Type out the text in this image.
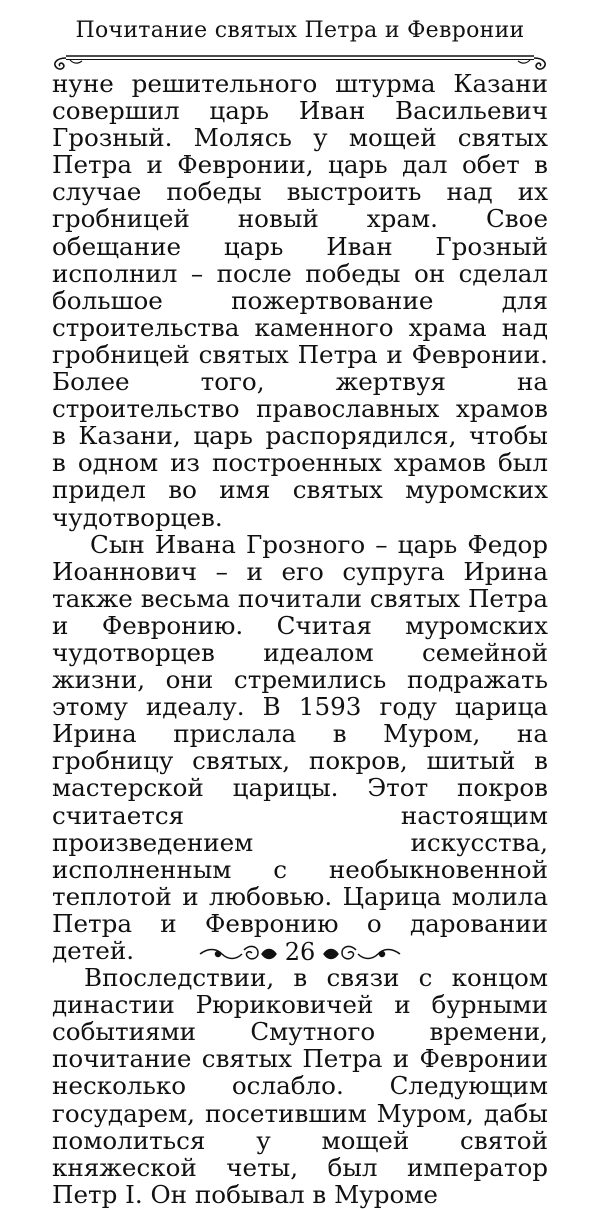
Почитание святых Петра и Февронии

нуне решительного штурма Казани совершил царь Иван Васильевич Грозный. Молясь у мощей святых Петра и Февронии, царь дал обет в случае победы выстроить над их гробницей новый храм. Свое обещание царь Иван Грозный исполнил – после победы он сделал большое пожертвование для строительства каменного храма над гробницей святых Петра и Февронии. Более того, жертвуя на строительство православных храмов в Казани, царь распорядился, чтобы в одном из построенных храмов был придел во имя святых муромских чудотворцев.

Сын Ивана Грозного – царь Федор Иоаннович – и его супруга Ирина также весьма почитали святых Петра и Февронию. Считая муромских чудотворцев идеалом семейной жизни, они стремились подражать этому идеалу. В 1593 году царица Ирина прислала в Муром, на гробницу святых, покров, шитый в мастерской царицы. Этот покров считается настоящим произведением искусства, исполненным с необыкновенной теплотой и любовью. Царица молила Петра и Февронию о даровании детей.

Впоследствии, в связи с концом династии Рюриковичей и бурными событиями Смутного времени, почитание святых Петра и Февронии несколько ослабло. Следующим государем, посетившим Муром, дабы помолиться у мощей святой княжеской четы, был император Петр I. Он побывал в Муроме

26
